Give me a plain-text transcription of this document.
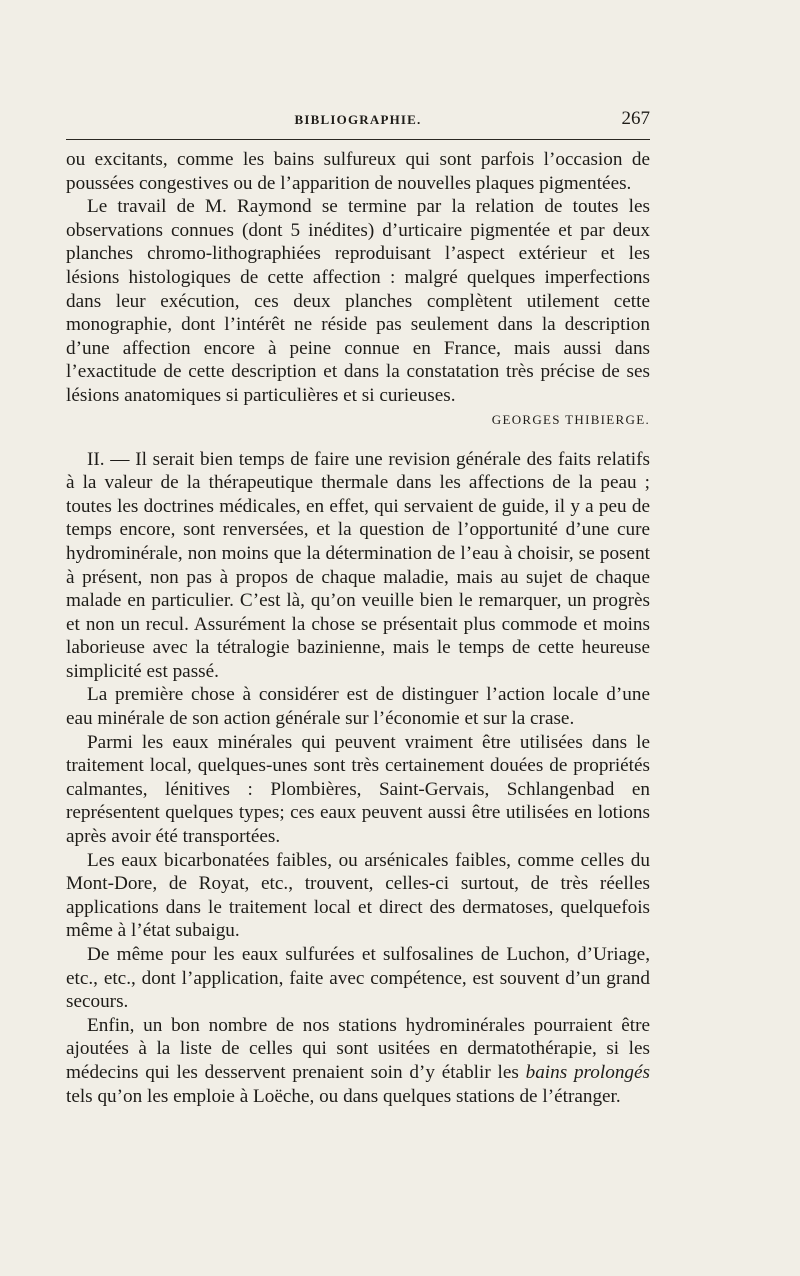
BIBLIOGRAPHIE.	267

ou excitants, comme les bains sulfureux qui sont parfois l’occasion de poussées congestives ou de l’apparition de nouvelles plaques pigmentées.

Le travail de M. Raymond se termine par la relation de toutes les observations connues (dont 5 inédites) d’urticaire pigmentée et par deux planches chromo-lithographiées reproduisant l’aspect extérieur et les lésions histologiques de cette affection : malgré quelques imperfections dans leur exécution, ces deux planches complètent utilement cette monographie, dont l’intérêt ne réside pas seulement dans la description d’une affection encore à peine connue en France, mais aussi dans l’exactitude de cette description et dans la constatation très précise de ses lésions anatomiques si particulières et si curieuses.

GEORGES THIBIERGE.

II. — Il serait bien temps de faire une revision générale des faits relatifs à la valeur de la thérapeutique thermale dans les affections de la peau ; toutes les doctrines médicales, en effet, qui servaient de guide, il y a peu de temps encore, sont renversées, et la question de l’opportunité d’une cure hydrominérale, non moins que la détermination de l’eau à choisir, se posent à présent, non pas à propos de chaque maladie, mais au sujet de chaque malade en particulier. C’est là, qu’on veuille bien le remarquer, un progrès et non un recul. Assurément la chose se présentait plus commode et moins laborieuse avec la tétralogie bazinienne, mais le temps de cette heureuse simplicité est passé.

La première chose à considérer est de distinguer l’action locale d’une eau minérale de son action générale sur l’économie et sur la crase.

Parmi les eaux minérales qui peuvent vraiment être utilisées dans le traitement local, quelques-unes sont très certainement douées de propriétés calmantes, lénitives : Plombières, Saint-Gervais, Schlangenbad en représentent quelques types; ces eaux peuvent aussi être utilisées en lotions après avoir été transportées.

Les eaux bicarbonatées faibles, ou arsénicales faibles, comme celles du Mont-Dore, de Royat, etc., trouvent, celles-ci surtout, de très réelles applications dans le traitement local et direct des dermatoses, quelquefois même à l’état subaigu.

De même pour les eaux sulfurées et sulfosalines de Luchon, d’Uriage, etc., etc., dont l’application, faite avec compétence, est souvent d’un grand secours.

Enfin, un bon nombre de nos stations hydrominérales pourraient être ajoutées à la liste de celles qui sont usitées en dermatothérapie, si les médecins qui les desservent prenaient soin d’y établir les bains prolongés tels qu’on les emploie à Loëche, ou dans quelques stations de l’étranger.
